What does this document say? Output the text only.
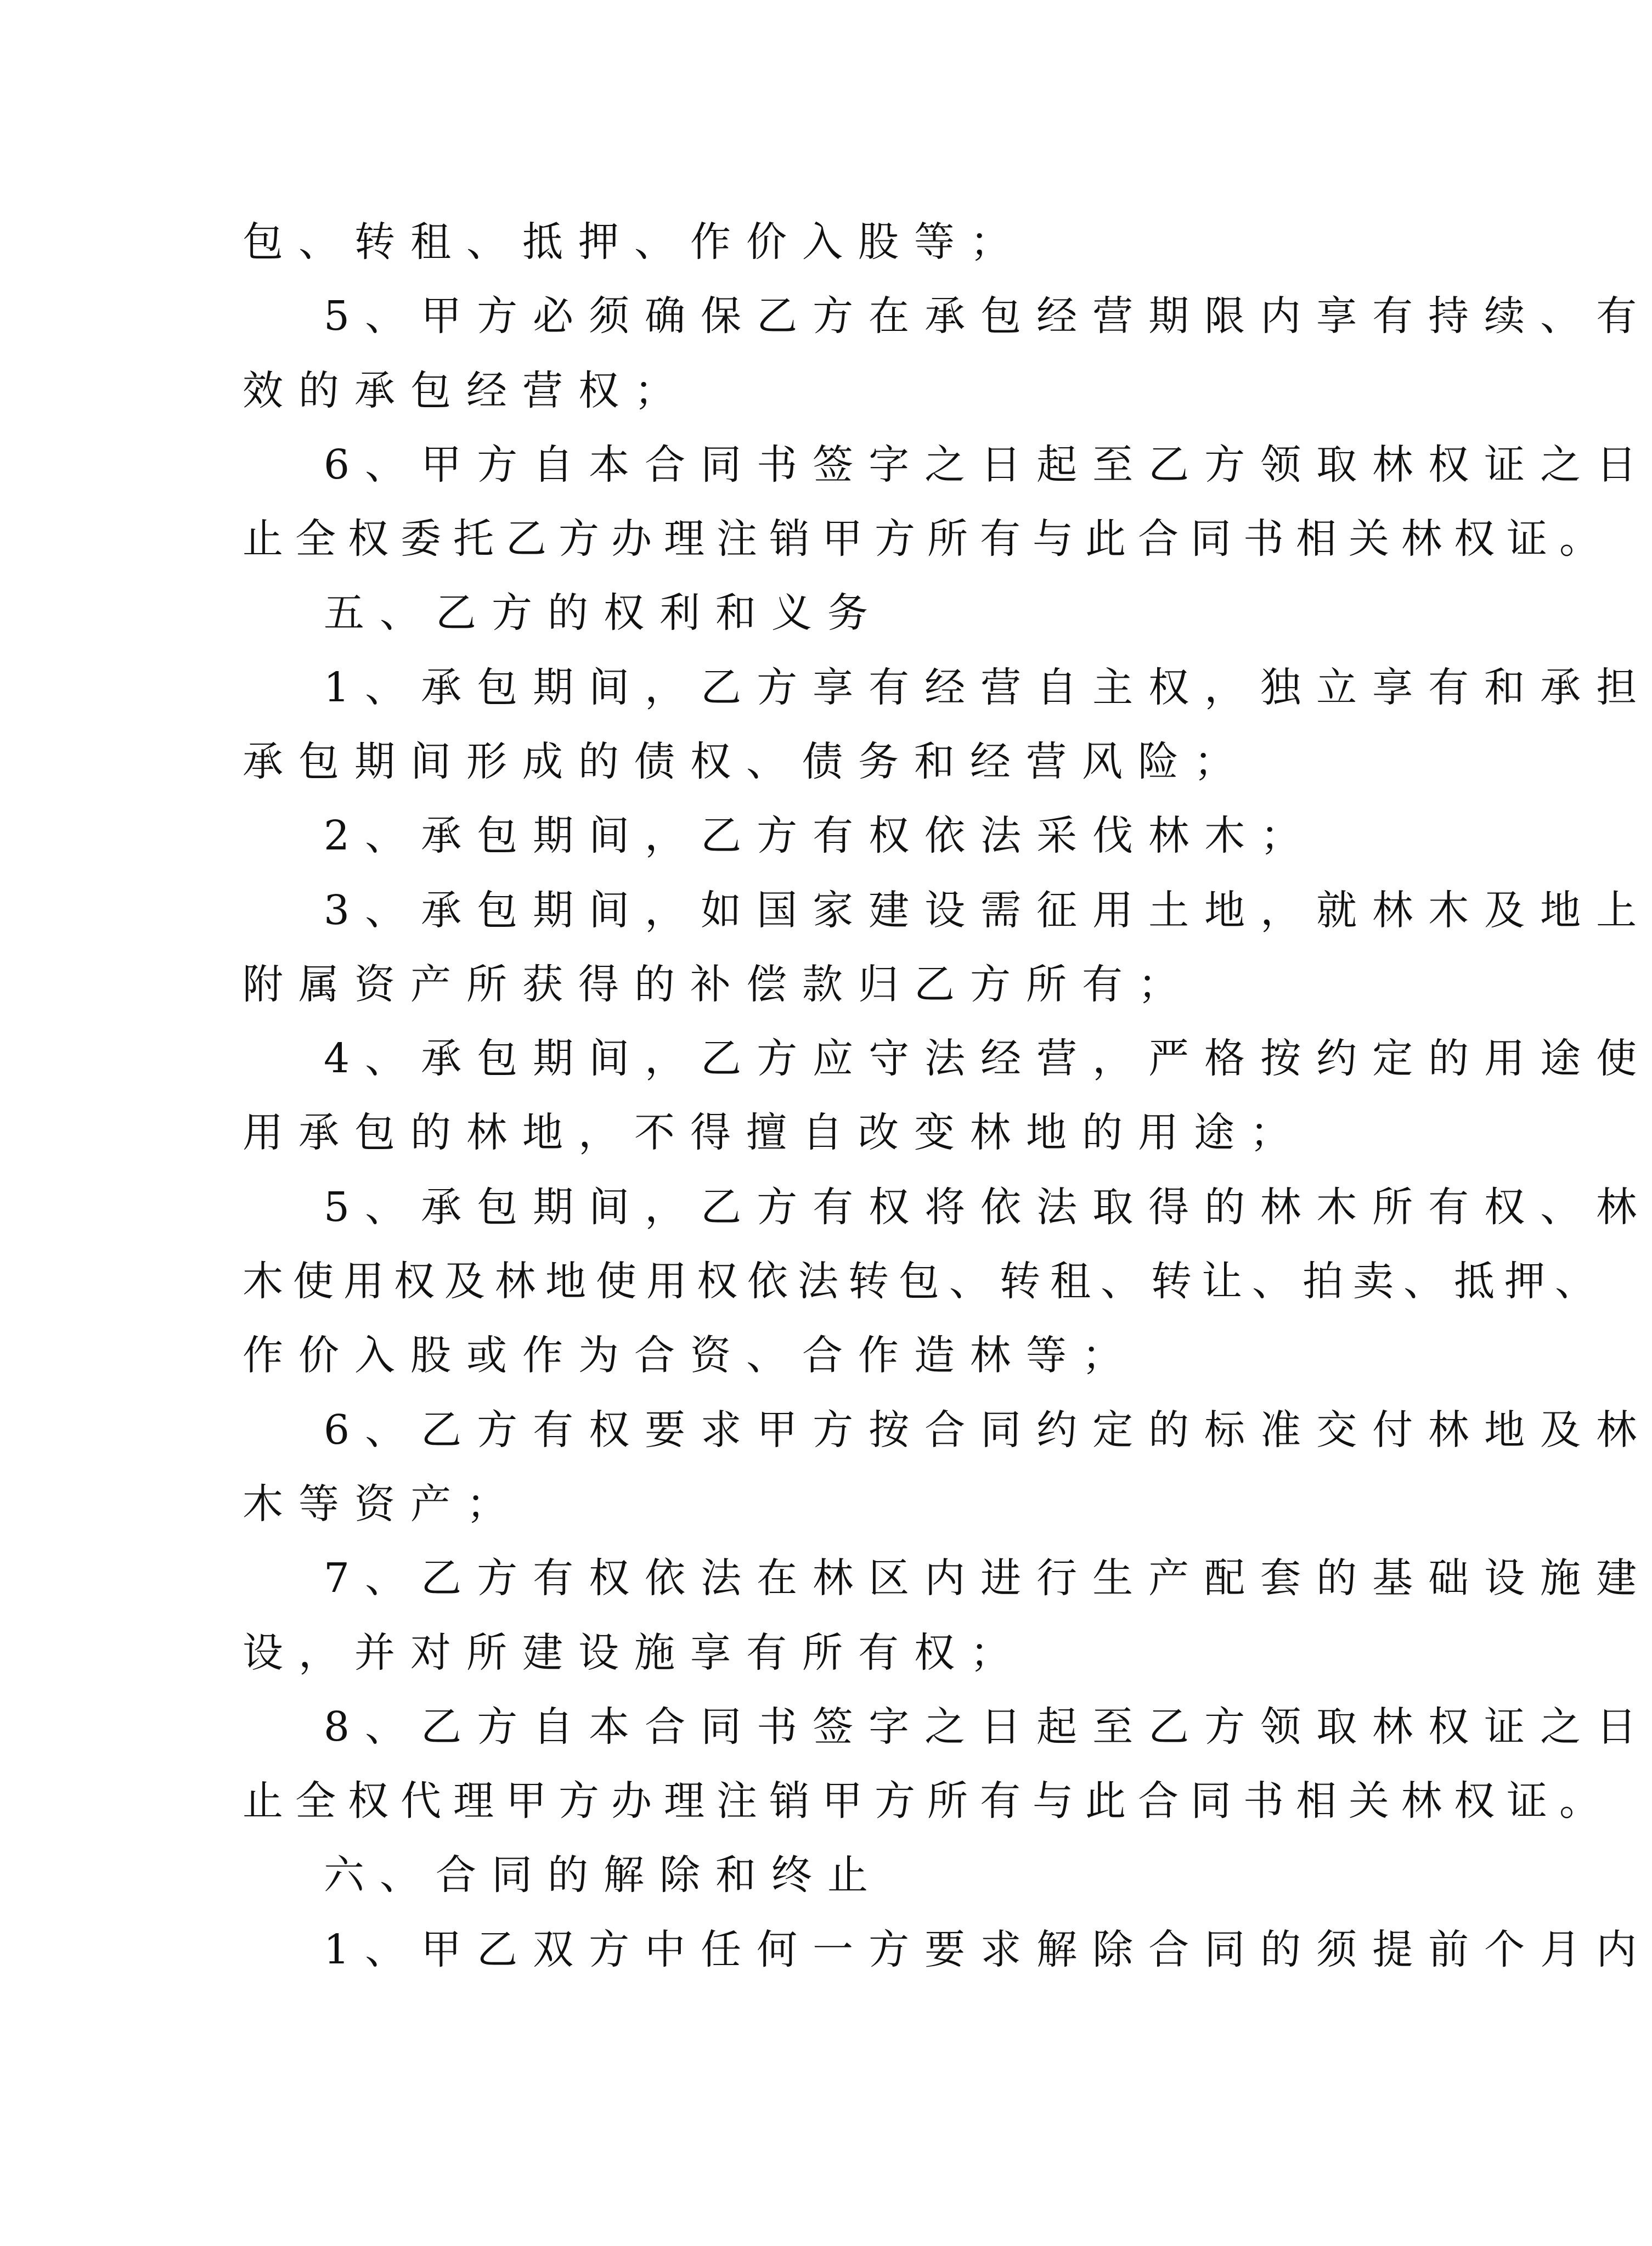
包、转租、抵押、作价入股等；
5、甲方必须确保乙方在承包经营期限内享有持续、有
效的承包经营权；
6、甲方自本合同书签字之日起至乙方领取林权证之日
止全权委托乙方办理注销甲方所有与此合同书相关林权证。
五、乙方的权利和义务
1、承包期间，乙方享有经营自主权，独立享有和承担
承包期间形成的债权、债务和经营风险；
2、承包期间，乙方有权依法采伐林木；
3、承包期间，如国家建设需征用土地，就林木及地上
附属资产所获得的补偿款归乙方所有；
4、承包期间，乙方应守法经营，严格按约定的用途使
用承包的林地，不得擅自改变林地的用途；
5、承包期间，乙方有权将依法取得的林木所有权、林
木使用权及林地使用权依法转包、转租、转让、拍卖、抵押、
作价入股或作为合资、合作造林等；
6、乙方有权要求甲方按合同约定的标准交付林地及林
木等资产；
7、乙方有权依法在林区内进行生产配套的基础设施建
设，并对所建设施享有所有权；
8、乙方自本合同书签字之日起至乙方领取林权证之日
止全权代理甲方办理注销甲方所有与此合同书相关林权证。
六、合同的解除和终止
1、甲乙双方中任何一方要求解除合同的须提前个月内
